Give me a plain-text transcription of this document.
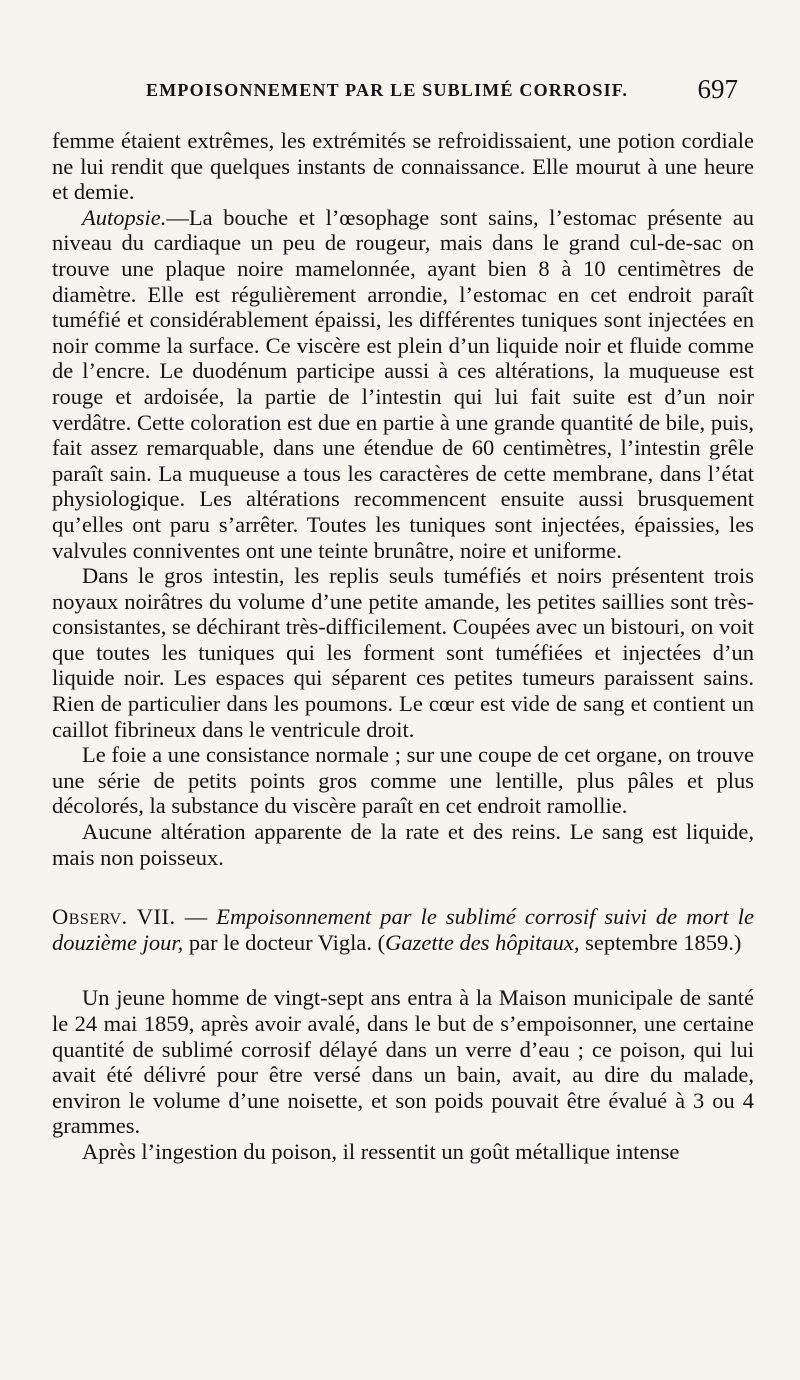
EMPOISONNEMENT PAR LE SUBLIMÉ CORROSIF.	697

femme étaient extrêmes, les extrémités se refroidissaient, une potion cordiale ne lui rendit que quelques instants de connaissance. Elle mourut à une heure et demie.

Autopsie.—La bouche et l’œsophage sont sains, l’estomac présente au niveau du cardiaque un peu de rougeur, mais dans le grand cul-de-sac on trouve une plaque noire mamelonnée, ayant bien 8 à 10 centimètres de diamètre. Elle est régulièrement arrondie, l’estomac en cet endroit paraît tuméfié et considérablement épaissi, les différentes tuniques sont injectées en noir comme la surface. Ce viscère est plein d’un liquide noir et fluide comme de l’encre. Le duodénum participe aussi à ces altérations, la muqueuse est rouge et ardoisée, la partie de l’intestin qui lui fait suite est d’un noir verdâtre. Cette coloration est due en partie à une grande quantité de bile, puis, fait assez remarquable, dans une étendue de 60 centimètres, l’intestin grêle paraît sain. La muqueuse a tous les caractères de cette membrane, dans l’état physiologique. Les altérations recommencent ensuite aussi brusquement qu’elles ont paru s’arrêter. Toutes les tuniques sont injectées, épaissies, les valvules conniventes ont une teinte brunâtre, noire et uniforme.

Dans le gros intestin, les replis seuls tuméfiés et noirs présentent trois noyaux noirâtres du volume d’une petite amande, les petites saillies sont très-consistantes, se déchirant très-difficilement. Coupées avec un bistouri, on voit que toutes les tuniques qui les forment sont tuméfiées et injectées d’un liquide noir. Les espaces qui séparent ces petites tumeurs paraissent sains. Rien de particulier dans les poumons. Le cœur est vide de sang et contient un caillot fibrineux dans le ventricule droit.

Le foie a une consistance normale ; sur une coupe de cet organe, on trouve une série de petits points gros comme une lentille, plus pâles et plus décolorés, la substance du viscère paraît en cet endroit ramollie.

Aucune altération apparente de la rate et des reins. Le sang est liquide, mais non poisseux.

Observ. VII. — Empoisonnement par le sublimé corrosif suivi de mort le douzième jour, par le docteur Vigla. (Gazette des hôpitaux, septembre 1859.)

Un jeune homme de vingt-sept ans entra à la Maison municipale de santé le 24 mai 1859, après avoir avalé, dans le but de s’empoisonner, une certaine quantité de sublimé corrosif délayé dans un verre d’eau ; ce poison, qui lui avait été délivré pour être versé dans un bain, avait, au dire du malade, environ le volume d’une noisette, et son poids pouvait être évalué à 3 ou 4 grammes.

Après l’ingestion du poison, il ressentit un goût métallique intense
